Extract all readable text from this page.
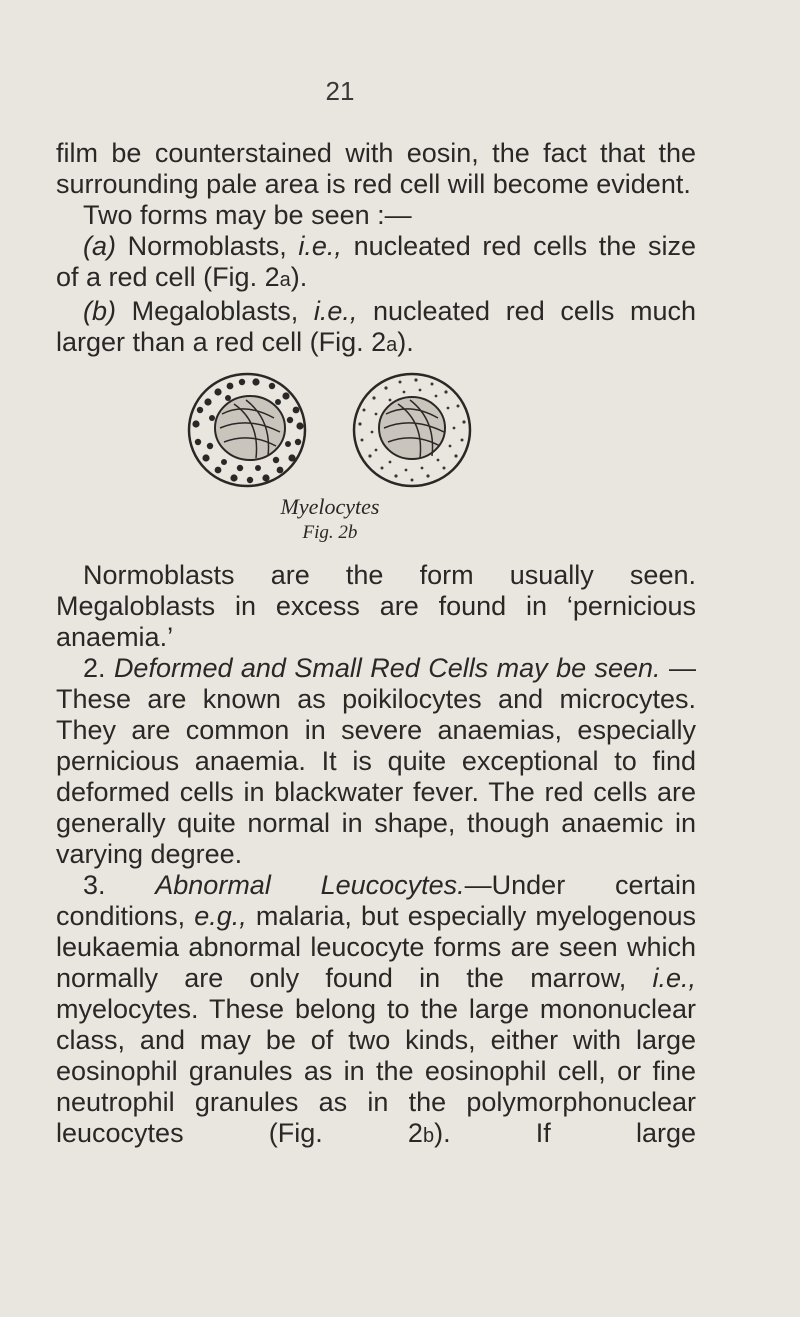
21

film be counterstained with eosin, the fact that the surrounding pale area is red cell will become evident.

Two forms may be seen :—

(a) Normoblasts, i.e., nucleated red cells the size of a red cell (Fig. 2a).

(b) Megaloblasts, i.e., nucleated red cells much larger than a red cell (Fig. 2a).

Myelocytes
Fig. 2b

Normoblasts are the form usually seen. Megaloblasts in excess are found in ‘pernicious anaemia.’

2. Deformed and Small Red Cells may be seen. —These are known as poikilocytes and microcytes. They are common in severe anaemias, especially pernicious anaemia. It is quite exceptional to find deformed cells in blackwater fever. The red cells are generally quite normal in shape, though anaemic in varying degree.

3. Abnormal Leucocytes.—Under certain conditions, e.g., malaria, but especially myelogenous leukaemia abnormal leucocyte forms are seen which normally are only found in the marrow, i.e., myelocytes. These belong to the large mononuclear class, and may be of two kinds, either with large eosinophil granules as in the eosinophil cell, or fine neutrophil granules as in the polymorphonuclear leucocytes (Fig. 2b). If large
